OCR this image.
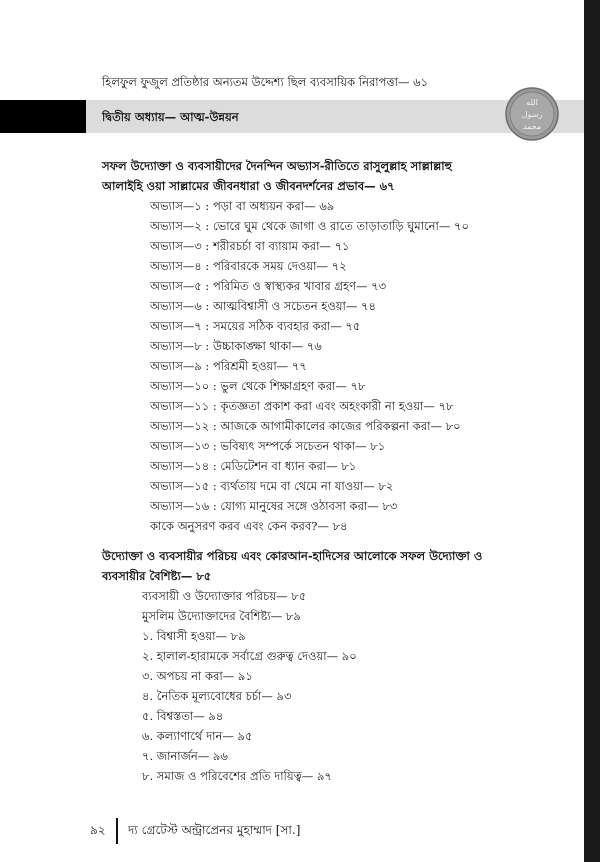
হিলফুল ফুজুল প্রতিষ্ঠার অন্যতম উদ্দেশ্য ছিল ব্যবসায়িক নিরাপত্তা— ৬১
দ্বিতীয় অধ্যায়— আত্ম-উন্নয়ন
الله
رسول
محمد
সফল উদ্যোক্তা ও ব্যবসায়ীদের দৈনন্দিন অভ্যাস-রীতিতে রাসুলুল্লাহ সাল্লাল্লাহু
আলাইহি ওয়া সাল্লামের জীবনধারা ও জীবনদর্শনের প্রভাব— ৬৭
অভ্যাস—১ : পড়া বা অধ্যয়ন করা— ৬৯
অভ্যাস—২ : ভোরে ঘুম থেকে জাগা ও রাতে তাড়াতাড়ি ঘুমানো— ৭০
অভ্যাস—৩ : শরীরচর্চা বা ব্যায়াম করা— ৭১
অভ্যাস—৪ : পরিবারকে সময় দেওয়া— ৭২
অভ্যাস—৫ : পরিমিত ও স্বাস্থ্যকর খাবার গ্রহণ— ৭৩
অভ্যাস—৬ : আত্মবিশ্বাসী ও সচেতন হওয়া— ৭৪
অভ্যাস—৭ : সময়ের সঠিক ব্যবহার করা— ৭৫
অভ্যাস—৮ : উচ্চাকাঙ্ক্ষা থাকা— ৭৬
অভ্যাস—৯ : পরিশ্রমী হওয়া— ৭৭
অভ্যাস—১০ : ভুল থেকে শিক্ষাগ্রহণ করা— ৭৮
অভ্যাস—১১ : কৃতজ্ঞতা প্রকাশ করা এবং অহংকারী না হওয়া— ৭৮
অভ্যাস—১২ : আজকে আগামীকালের কাজের পরিকল্পনা করা— ৮০
অভ্যাস—১৩ : ভবিষ্যৎ সম্পর্কে সচেতন থাকা— ৮১
অভ্যাস—১৪ : মেডিটেশন বা ধ্যান করা— ৮১
অভ্যাস—১৫ : ব্যর্থতায় দমে বা থেমে না যাওয়া— ৮২
অভ্যাস—১৬ : যোগ্য মানুষের সঙ্গে ওঠাবসা করা— ৮৩
কাকে অনুসরণ করব এবং কেন করব?— ৮৪
উদ্যোক্তা ও ব্যবসায়ীর পরিচয় এবং কোরআন-হাদিসের আলোকে সফল উদ্যোক্তা ও
ব্যবসায়ীর বৈশিষ্ট্য— ৮৫
ব্যবসায়ী ও উদ্যোক্তার পরিচয়— ৮৫
মুসলিম উদ্যোক্তাদের বৈশিষ্ট্য— ৮৯
১. বিশ্বাসী হওয়া— ৮৯
২. হালাল-হারামকে সর্বাগ্রে গুরুত্ব দেওয়া— ৯০
৩. অপচয় না করা— ৯১
৪. নৈতিক মূল্যবোধের চর্চা— ৯৩
৫. বিশ্বস্ততা— ৯৪
৬. কল্যাণার্থে দান— ৯৫
৭. জানার্জন— ৯৬
৮. সমাজ ও পরিবেশের প্রতি দায়িত্ব— ৯৭
৯২ দ্য গ্রেটেস্ট অন্ট্রাপ্রেনর মুহাম্মাদ [সা.]
